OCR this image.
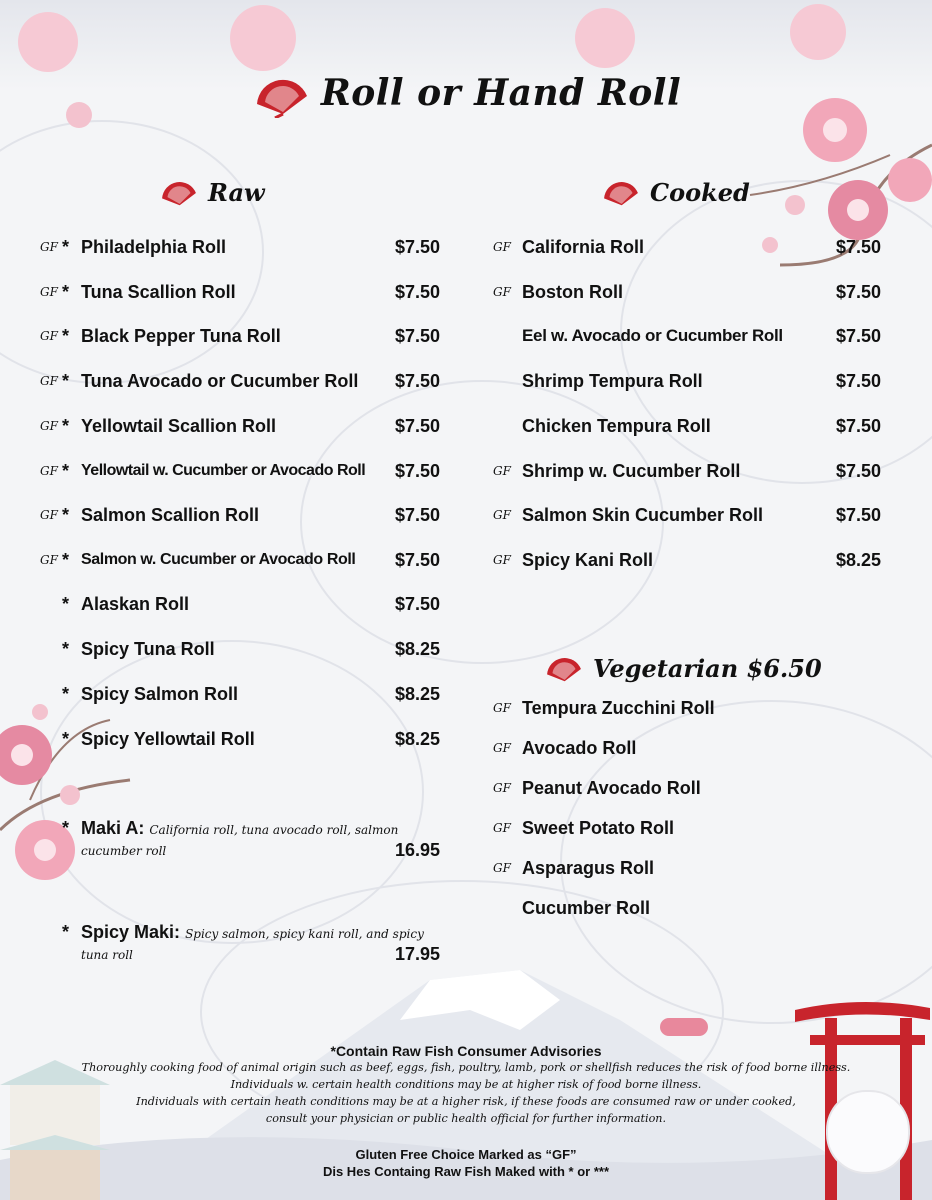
Roll or Hand Roll
Raw	Cooked
Vegetarian $6.50
GF * Philadelphia Roll	$7.50
GF * Tuna Scallion Roll	$7.50
GF * Black Pepper Tuna Roll	$7.50
GF * Tuna Avocado or Cucumber Roll $7.50
GF * Yellowtail Scallion Roll	$7.50
GF * Yellowtail w. Cucumber or Avocado Roll $7.50
GF * Salmon Scallion Roll	$7.50
GF * Salmon w. Cucumber or Avocado Roll $7.50
* Alaskan Roll	$7.50
* Spicy Tuna Roll	$8.25
* Spicy Salmon Roll	$8.25
* Spicy Yellowtail Roll	$8.25
* Maki A: California roll, tuna avocado roll, salmon
cucumber roll	16.95
* Spicy Maki: Spicy salmon, spicy kani roll, and spicy
tuna roll	17.95
GF California Roll	$7.50
GF Boston Roll	$7.50
Eel w. Avocado or Cucumber Roll	$7.50
Shrimp Tempura Roll	$7.50
Chicken Tempura Roll	$7.50
GF Shrimp w. Cucumber Roll	$7.50
GF Salmon Skin Cucumber Roll	$7.50
GF Spicy Kani Roll	$8.25
GF Tempura Zucchini Roll
GF Avocado Roll
GF Peanut Avocado Roll
GF Sweet Potato Roll
GF Asparagus Roll
Cucumber Roll
*Contain Raw Fish Consumer Advisories
Thoroughly cooking food of animal origin such as beef, eggs, fish, poultry, lamb, pork or shellfish reduces the risk of food borne illness.
Individuals w. certain health conditions may be at higher risk of food borne illness.
Individuals with certain heath conditions may be at a higher risk, if these foods are consumed raw or under cooked,
consult your physician or public health official for further information.
Gluten Free Choice Marked as “GF”
Dis Hes Containg Raw Fish Maked with * or ***
